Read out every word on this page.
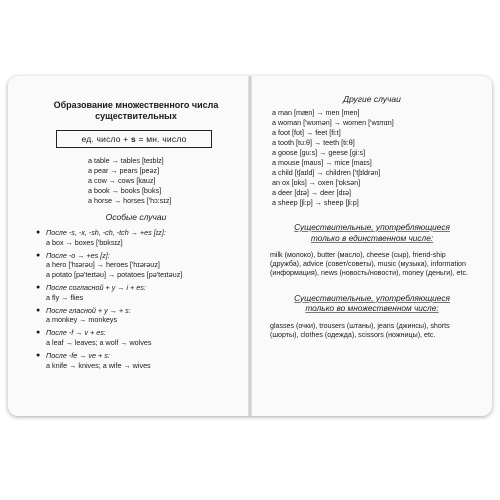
Образование множественного числа
существительных
ед. число + s = мн. число
a table → tables [teɪblz]
a pear → pears [peəz]
a cow → cows [kauz]
a book → books [bʊks]
a horse → horses ['hɔ:sɪz]
Особые случаи
● После -s, -x, -sh, -ch, -tch → +es [ɪz]:
a box → boxes ['bɒksɪz]
● После -o → +es [z]:
a hero ['hɪərəʊ] → heroes ['hɪərəʊz]
a potato [pə'teɪtəʊ] → potatoes [pə'teɪtəʊz]
● После согласной + y → i + es:
a fly → flies
● После гласной + y → + s:
a monkey → monkeys
● После -f → v + es:
a leaf → leaves; a wolf → wolves
● После -fe → ve + s:
a knife → knives; a wife → wives
Другие случаи
a man [mæn] → men [men]
a woman ['wʊmən] → women ['wɪmɪn]
a foot [fʊt] → feet [fi:t]
a tooth [tu:θ] → teeth [ti:θ]
a goose [gu:s] → geese [gi:s]
a mouse [maʊs] → mice [maɪs]
a child [tʃaɪld] → children ['tʃɪldrən]
an ox [ɒks] → oxen ['ɒksən]
a deer [dɪə] → deer [dɪə]
a sheep [ʃi:p] → sheep [ʃi:p]
Существительные, употребляющиеся
только в единственном числе:
milk (молоко), butter (масло), cheese (сыр), friend-ship (дружба), advice (совет/советы), music (музыка), information (информация), news (новость/новости), money (деньги), etc.
Существительные, употребляющиеся
только во множественном числе:
glasses (очки), trousers (штаны), jeans (джинсы), shorts (шорты), clothes (одежда), scissors (ножницы), etc.
